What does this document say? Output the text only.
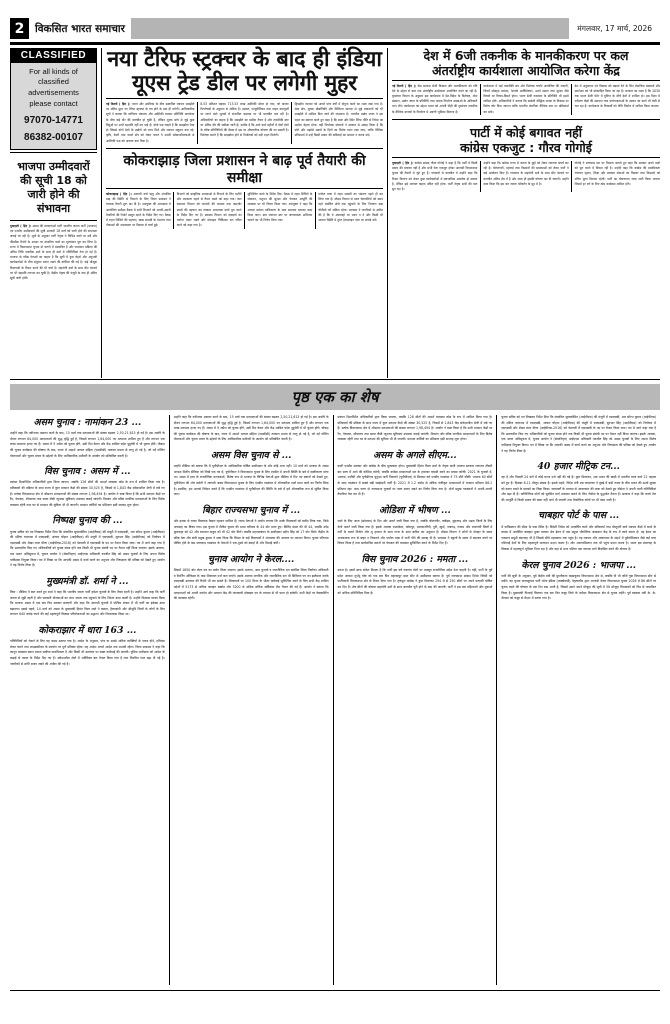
2	विकसित भारत समाचार	मंगलवार, 17 मार्च, 2026
CLASSIFIED
For all kinds of
classified
advertisements
please contact
97070-14771
86382-00107
भाजपा उम्मीदवारों की सूची 18 को जारी होने की संभावना
गुवाहाटी ( हिंद )। असम की मतदाताओं पार्टी भारतीय जनता पार्टी (भाजपा) एवं एनडीए उम्मीदवारों की सूची आगामी 18 मार्च को जारी होने की संभावना जताई जा रही है। सूत्रों के अनुसार पार्टी नेतृत्व ने विभिन्न स्तरों पर सर्वे और फीडबैक रिपोर्ट के आधार पर संभावित नामों का मूल्यांकन पूरा कर लिया है। राज्य में विधानसभा चुनाव दो चरणों में प्रस्तावित हैं और नामांकन प्रक्रिया की अंतिम तिथि नजदीक आने के साथ ही दलों में गतिविधियां तेज हो गई हैं। भाजपा के वरिष्ठ नेताओं का कहना है कि सूची में युवा चेहरों और अनुभवी कार्यकर्ताओं के बीच संतुलन बनाए रखने की कोशिश की गई है। कई मौजूदा विधायकों के टिकट कटने की भी चर्चा है। सहयोगी दलों के साथ सीट बंटवारे पर भी सहमति लगभग बन चुकी है। केंद्रीय नेतृत्व की मंजूरी के बाद ही अंतिम सूची जारी होगी।
नया टैरिफ स्ट्रक्चर के बाद ही इंडिया
यूएस ट्रेड डील पर लगेगी मुहर
नई दिल्ली ( हिंद )। भारत और अमेरिका के बीच प्रस्तावित व्यापार समझौते पर अंतिम मुहर नए टैरिफ स्ट्रक्चर के तय होने के बाद ही लगेगी। आधिकारिक सूत्रों ने बताया कि वाणिज्य मंत्रालय और अमेरिकी व्यापार प्रतिनिधि कार्यालय के बीच कई दौर की बातचीत हो चुकी है, लेकिन शुल्क ढांचे से जुड़े कुछ बिंदुओं पर अभी सहमति नहीं बन पाई है। दोनों पक्ष चाहते हैं कि समझौता ऐसा हो जिससे दोनों देशों के उद्योगों को लाभ मिले और व्यापार संतुलन बना रहे। कृषि, डेयरी तथा फार्मा क्षेत्र को लेकर भारत ने अपनी संवेदनशीलताओं से अमेरिकी पक्ष को अवगत करा दिया है।
8.53 प्रतिशत बढ़कर 713.53 लाख अमेरिकी डॉलर हो गया, जो बाजार विश्लेषकों के अनुमान से अधिक है। इस्पात, एल्युमीनियम तथा वाहन कलपुर्जों पर लगने वाले शुल्कों में संभावित बदलाव पर भी बातचीत चल रही है। अधिकारियों का कहना है कि समझौते का मसौदा तैयार है और तकनीकी स्तर पर अंतिम दौर की समीक्षा जारी है। उम्मीद है कि आने वाले महीनों में दोनों देशों के वरिष्ठ प्रतिनिधियों की बैठक में इस पर औपचारिक घोषणा की जा सकती है। विशेषज्ञ मानते हैं कि समझौता होने से निर्यातकों को बड़ी राहत मिलेगी।
द्विपक्षीय व्यापार को अगले पांच वर्षों में दोगुना करने का लक्ष्य रखा गया है। सेवा क्षेत्र, सूचना प्रौद्योगिकी और डिजिटल व्यापार से जुड़े प्रावधानों को भी समझौते में शामिल किए जाने की संभावना है। भारतीय उद्योग जगत ने इस पहल का स्वागत करते हुए कहा है कि स्पष्ट और स्थिर टैरिफ नीति से निवेश का माहौल बेहतर होगा। वहीं निर्यातक संगठनों ने सरकार से आग्रह किया है कि छोटे और मझोले उद्यमों के हितों का विशेष ध्यान रखा जाए, ताकि वैश्विक प्रतिस्पर्धा में उन्हें किसी प्रकार की कठिनाई का सामना न करना पड़े।
कोकराझाड़ जिला प्रशासन ने बाढ़ पूर्व तैयारी की समीक्षा
कोकराझाड़ ( हिंद )। आगामी वर्षा ऋतु और संभावित बाढ़ की स्थिति से निपटने के लिए जिला प्रशासन ने व्यापक तैयारी शुरू कर दी है। उपायुक्त की अध्यक्षता में आयोजित समीक्षा बैठक में सभी विभागों को अपनी-अपनी तैयारियों की रिपोर्ट प्रस्तुत करने के निर्देश दिए गए। बैठक में राहत शिविरों की पहचान, खाद्य सामग्री के भंडारण तथा नौकाओं की उपलब्धता पर विस्तार से चर्चा हुई।
विभागों को प्राकृतिक आपदाओं से निपटने के लिए मशीनें और उपकरण पहले से तैयार रखने को कहा गया। जल संसाधन विभाग को तटबंधों की मरम्मत तथा कमजोर स्थलों की पहचान कर तत्काल आवश्यक कार्य पूरा करने के निर्देश दिए गए हैं। स्वास्थ्य विभाग को दवाइयों का पर्याप्त भंडार रखने और मोबाइल चिकित्सा दल गठित करने को कहा गया है।
सुनिश्चित करने के निर्देश दिए। बैठक में राहत शिविरों के संचालन, पशुधन की सुरक्षा और पेयजल आपूर्ति की व्यवस्था पर भी विचार किया गया। उपायुक्त ने कहा कि आपदा प्रबंधन प्राधिकरण के साथ समन्वय बनाकर काम किया जाए। ग्राम पंचायत स्तर पर जागरूकता अभियान चलाने का भी निर्णय लिया गया।
पर्याप्त मात्रा में राहत सामग्री का भंडारण पहले ही कर लिया गया है। मौसम विभाग से प्राप्त चेतावनियों को समय रहते संबंधित क्षेत्रों तक पहुंचाने के लिए नियंत्रण कक्ष चौबीसों घंटे सक्रिय रहेगा। प्रशासन ने नागरिकों से अपील की है कि वे अफवाहों पर ध्यान न दें और किसी भी आपात स्थिति में तुरंत हेल्पलाइन नंबर पर संपर्क करें।
देश में 6जी तकनीक के मानकीकरण पर कल
अंतर्राष्ट्रीय कार्यशाला आयोजित करेगा केंद्र
नई दिल्ली ( हिंद )। केंद्र सरकार 6जी विकास और मानकीकरण को गति देने के उद्देश्य से कल एक अंतर्राष्ट्रीय कार्यशाला आयोजित करने जा रही है। दूरसंचार विभाग के अनुसार इस कार्यशाला में देश-विदेश के विशेषज्ञ, शोध संस्थान, उद्योग जगत के प्रतिनिधि तथा मानक निर्धारण संस्थाओं के अधिकारी भाग लेंगे। कार्यशाला का उद्देश्य भारत को अगली पीढ़ी की दूरसंचार तकनीक के वैश्विक मानकों के निर्धारण में अग्रणी भूमिका दिलाना है।
कार्यशाला में कई तकनीकी सत्र और विशेषज्ञ चर्चाएं आयोजित की जाएंगी, जिनमें स्पेक्ट्रम प्रबंधन, नेटवर्क आर्किटेक्चर, ऊर्जा दक्षता तथा सुरक्षा जैसे विषयों पर विचार-विमर्श होगा। भारत 6जी गठबंधन के प्रतिनिधि भी इसमें शामिल होंगे। अधिकारियों ने बताया कि स्वदेशी बौद्धिक संपदा के विकास पर विशेष जोर दिया जाएगा ताकि भारतीय कंपनियां वैश्विक स्तर पर प्रतिस्पर्धा कर सकें।
देश में अनुसंधान एवं विकास को बढ़ावा देने के लिए शैक्षणिक संस्थानों और स्टार्टअप को भी प्रोत्साहित किया जा रहा है। सरकार का लक्ष्य है कि 2030 तक भारत 6जी पेटेंट में दुनिया के शीर्ष देशों में शामिल हो। इस दिशा में परीक्षण केंद्रों की स्थापना तथा प्रयोगशालाओं के उन्नयन का कार्य भी तेजी से चल रहा है। कार्यशाला के निष्कर्षों को नीति निर्माण में शामिल किया जाएगा।
पार्टी में कोई बगावत नहीं
कांग्रेस एकजुट : गौरव गोगोई
गुवाहाटी ( हिंद )। कांग्रेस सांसद गौरव गोगोई ने कहा है कि पार्टी में किसी प्रकार की बगावत नहीं है और सभी नेता एकजुट होकर आगामी विधानसभा चुनाव की तैयारी में जुटे हुए हैं। पत्रकारों से बातचीत में उन्होंने कहा कि टिकट वितरण को लेकर कुछ कार्यकर्ताओं में स्वाभाविक असंतोष हो सकता है, लेकिन इसे बगावत कहना उचित नहीं होगा। पार्टी नेतृत्व सभी की बात सुन रहा है।
उन्होंने कहा कि कांग्रेस राज्य में जनता के मुद्दों को लेकर लगातार संघर्ष कर रही है। बेरोजगारी, महंगाई तथा किसानों की समस्याओं को लेकर पार्टी ने कई आंदोलन किए हैं। गठबंधन के सहयोगी दलों के साथ सीट बंटवारे पर बातचीत अंतिम दौर में है और जल्द ही इसकी घोषणा कर दी जाएगी। उन्होंने दावा किया कि इस बार जनता परिवर्तन के मूड में है।
गोगोई ने सत्तारूढ़ दल पर निशाना साधते हुए कहा कि सरकार अपने वादों को पूरा करने में विफल रही है। उन्होंने कहा कि कांग्रेस की प्राथमिकता रोजगार सृजन, शिक्षा और स्वास्थ्य सेवाओं का विस्तार तथा किसानों को उचित मूल्य दिलाना रहेगी। पार्टी का घोषणापत्र जल्द जारी किया जाएगा जिसमें हर वर्ग के लिए ठोस कार्यक्रम शामिल होंगे।
पृष्ठ एक का शेष
असम चुनाव : नामांकन 23 ...
उन्होंने कहा कि नवीनतम अद्यतन करने के बाद, 15 मार्च तक मतदाताओं की संख्या बढ़कर 2,50,21,613 हो गई है। इस अवधि के दौरान लगभग 64,000 मतदाताओं की शुद्ध वृद्धि हुई है, जिसमें लगभग 1,64,000 नए मतदाता शामिल हुए हैं और लगभग एक लाख मतदाता हटाए गए हैं। असम में 9 अप्रैल को चुनाव होंगे, उसी दिन केरल और केंद्र शासित प्रदेश पुडुचेरी में भी चुनाव होंगे। चौबदा की चुनाव कार्यक्रम की घोषणा के बाद, राज्य में आदर्श आचार संहिता (एमसीसी) तत्काल प्रभाव से लागू हो गई है, जो नई पोलिंग योजनाओं और चुनाव प्रचार के उद्देश्यों के लिए आधिकारिक मशीनरी के उपयोग को प्रतिबंधित करती है।
विस चुनाव : असम में ...
प्रबंधन दिशानिर्देश अधिकारियों द्वारा किया जाएगा, जबकि 126 सीटों की आदर्श व्यवस्था कोड के रूप में शामिल किया गया है। प्रतिस्पर्धा की प्रक्रिया के साथ राज्य में कुल मतदान केंद्रों की संख्या 30,525 है, जिसमें से 1,843 केंद्र संवेदनशील श्रेणी में रखे गए हैं। प्रत्येक विधानसभा क्षेत्र में औसतन मतदाताओं की संख्या लगभग 1,98,494 है। आयोग ने स्पष्ट किया है कि सभी मतदान केंद्रों पर रैंप, पेयजल, शौचालय तथा छाया जैसी न्यूनतम सुविधाएं उपलब्ध कराई जाएंगी। दिव्यांग और वरिष्ठ नागरिक मतदाताओं के लिए विशेष व्यवस्था रहेगी तथा घर से मतदान की सुविधा भी दी जाएगी। मतदान कर्मियों का प्रशिक्षण इसी सप्ताह शुरू होगा।
निष्पक्ष चुनाव की ...
चुनाव सचिव को पत्र लिखकर निर्देश दिया कि संचालित सुव्यवस्थित (आईपीएस) की मंजूरी में एसएसबी, आर सौरभ कुमार (आईपीएस) की दक्षिण चालनदा में एसएसबी, आंचल चौहान (आईपीएस) की मंजूरी में एसएसबी, सुरभार सिंह (आईपीएस) को निर्वाचन में एसएसबी और शेखर लाल मीणा (आईपीएस-2016) को पेशावरी में एसएसबी के पद पर तैनात किया जाए। पत्र में आगे कहा गया है कि भ्रमणशील किए गए अधिकारियों को चुनाव संपन्न होने तक किसी भी चुनाव संबंधी पद पर तैनात नहीं किया जाएगा। इसके अलावा, एक अलग अधिसूचना में, चुनाव आयोग ने (सेवानिवृत्त) आईएएस अधिकारी नवजीत सिंह को असम चुनावों के लिए अपना विशेष पर्यवेक्षक नियुक्त किया। पत्र में लिखा था कि आपकी असम में कार्य करने का अनुभव और निष्पक्षता की प्रतिष्ठा को देखते हुए आयोग ने यह निर्णय लिया है।
मुख्यमंत्री डॉ. शर्मा ने ...
विधा : मीडिया ने बात करते हुए शर्मा ने कहा कि भारतीय जनता पार्टी हमेशा चुनावों के लिए तैयार रहती है। उन्होंने आगे कहा कि पार्टी जनता से जुड़ी रहती है और सरकारी योजनाओं का लाभ जनता तक पहुंचाने के लिए निरंतर काम करती है। उन्होंने विश्वास व्यक्त किया कि भाजपा असम में एक बार फिर सरकार बनाएगी और कहा कि आगामी चुनावों में पश्चिम बंगाल में भी पार्टी का इंडेक्स ऊंचा बढ़ाएगा। इससे पहले, 14 मार्च को असम के मुख्यमंत्री हिमंत विश्व शर्मा ने कछार, हैलाकांदी और श्रीभूमि जिलों के लोगों के लिए लगभग 640 करोड़ रुपये की कई महत्वपूर्ण विकास परियोजनाओं का उद्घाटन और शिलान्यास किया था।
कोकराझार में धारा 163 ...
गतिविधियों को रोकने के लिए यह कदम उठाया गया है। आदेश के अनुसार, पांच या उससे अधिक व्यक्तियों के एकत्र होने, हथियार लेकर चलने तथा लाउडस्पीकर के उपयोग पर पूर्ण प्रतिबंध रहेगा। यह आदेश अगले आदेश तक प्रभावी रहेगा। जिला प्रशासन ने कहा कि कानून व्यवस्था बनाए रखना सर्वोच्च प्राथमिकता है और किसी भी उल्लंघन पर सख्त कार्रवाई की जाएगी। पुलिस अधीक्षक को आदेश के कड़ाई से पालन के निर्देश दिए गए हैं। संवेदनशील क्षेत्रों में अतिरिक्त बल तैनात किया गया है तथा नियमित गश्त बढ़ा दी गई है। नागरिकों से शांति बनाए रखने की अपील की गई है।
उन्होंने कहा कि नवीनतम अद्यतन करने के बाद, 15 मार्च तक मतदाताओं की संख्या बढ़कर 2,50,21,613 हो गई है। इस अवधि के दौरान लगभग 64,000 मतदाताओं की शुद्ध वृद्धि हुई है, जिसमें लगभग 1,64,000 नए मतदाता शामिल हुए हैं और लगभग एक लाख मतदाता हटाए गए हैं। असम में 9 अप्रैल को चुनाव होंगे, उसी दिन केरल और केंद्र शासित प्रदेश पुडुचेरी में भी चुनाव होंगे। चौबदा की चुनाव कार्यक्रम की घोषणा के बाद, राज्य में आदर्श आचार संहिता (एमसीसी) तत्काल प्रभाव से लागू हो गई है, जो नई पोलिंग योजनाओं और चुनाव प्रचार के उद्देश्यों के लिए आधिकारिक मशीनरी के उपयोग को प्रतिबंधित करती है।
असम विस चुनाव से ...
उन्होंने मीडिया को बताया कि मैं यूपीपीएल के आधिकारिक घोषित उम्मीदवार के और कोई अन्य नहीं। 10 मार्च को भाजपा के असम अध्यक्ष दिलीप सैकिया को लिखे एक पत्र में, यूपीपीएल ने विधानसभा चुनाव के लिए एनडीए में अपनी स्थिति के बारे में स्पष्टीकरण मांगा था। असम में हाल के राजनीतिक घटनाक्रमों, विशेष रूप से भाजपा के विभिन्न नेताओं द्वारा मीडिया में दिए गए बयानों को देखते हुए, यूपीपीएल की ओर कमेटी ने आगामी असम विधानसभा चुनाव के लिए एनडीए गठबंधन में औपचारिक दर्जा प्राप्त करने का निर्णय लिया है। इसलिए, हम आपसे निवेदन करते हैं कि एनडीए गठबंधन में यूपीपीएल की स्थिति के बारे में हमें औपचारिक रूप से सूचित किया जाए।
बिहार राज्यसभा चुनाव में ...
और इनका से राजद विधायक फैसल रहमान शामिल हैं। राजद नेताओं ने आरोप लगाया कि उनके विधायकों को खरीद लिया गया, जिसे अफवाह का विषय गया। इस चुनाव में नीतीश कुमार की प्रथम वरीयता के 44 वोट प्राप्त हुए। मिलिंद मंडल की भी 44, जबकि उपेंद्र कुशवाहा को 42 और रामनाथ ठाकुर को भी 42 वोट मिले। जबकि महागठबंधन के उम्मीदवार प्रदीप सिंह को 17 वोट मिले। केंद्रीय के वरिष्ठ नेता और संघी प्रमुख कुमार ने दावा किया कि विपक्ष के कई विधायकों ने अंतरात्मा की आवाज पर मतदान किया। चुनाव परिणाम घोषित होने के बाद सत्तारूढ़ गठबंधन के नेताओं ने एक-दूसरे को बधाई दी और मिठाई बांटी।
चुनाव आयोग ने केरल....
जिसमें 1650 बोट वोटर मंत्र का प्रयोग किया जाएगा। इसके अलावा, आम चुनावों व राजनीतिक दल संबंधित जिला निर्वाचन अधिकारी व रिटर्निंग ऑफिसर के पास शिकायत दर्ज करा पाएंगे। इसके अलावा नागरिक और राजनीतिक दल भी डिजिटल एप का इस्तेमाल करके एसएसबी उल्लंघन की रिपोर्ट भी कर सकते हैं। शिकायतों पर 100 मिनट के भीतर कार्रवाई सुनिश्चित करने के लिए सभी केंद्र शासित प्रदेशों में 5173 से अधिक फ्लाइंग स्क्वॉड और 5200 से अधिक स्टेटिक सर्विलांस टीम तैनात की गई हैं। आयोग ने बताया कि मतदाताओं को अपनी मतदेय और मतदान केंद्र की जानकारी मोबाइल एप के माध्यम से भी प्राप्त हो सकेगी। सभी केंद्रों पर वेबकास्टिंग की व्यवस्था रहेगी।
प्रबंधन दिशानिर्देश अधिकारियों द्वारा किया जाएगा, जबकि 126 सीटों की आदर्श व्यवस्था कोड के रूप में शामिल किया गया है। प्रतिस्पर्धा की प्रक्रिया के साथ राज्य में कुल मतदान केंद्रों की संख्या 30,525 है, जिसमें से 1,843 केंद्र संवेदनशील श्रेणी में रखे गए हैं। प्रत्येक विधानसभा क्षेत्र में औसतन मतदाताओं की संख्या लगभग 1,98,494 है। आयोग ने स्पष्ट किया है कि सभी मतदान केंद्रों पर रैंप, पेयजल, शौचालय तथा छाया जैसी न्यूनतम सुविधाएं उपलब्ध कराई जाएंगी। दिव्यांग और वरिष्ठ नागरिक मतदाताओं के लिए विशेष व्यवस्था रहेगी तथा घर से मतदान की सुविधा भी दी जाएगी। मतदान कर्मियों का प्रशिक्षण इसी सप्ताह शुरू होगा।
असम के अगले सीएम...
वाली एनडीए सरकार और कांग्रेस के बीच मुकाबला होगा। मुख्यमंत्री हिमंत विश्व शर्मा के नेतृत्व वाली भाजपा सरकार लगातार तीसरी बार सत्ता में आने की कोशिश करेगी, जबकि कांग्रेस मतदाताओं दल के हाराकर वापसी करने का प्रयास करेगी। 2021 के चुनावों में, भाजपा, एजीपी और यूपीडीएफ यूनूनम पार्टी निकलने (यूपीपीएल) से मिलकर बने एनडीए गठबंधन ने 75 सीटें जीतीं। भाजपा 60 सीटों के साथ गठबंधन में सबसे बड़ी साझेदारी पार्टी है। 2021 में 1.2 करोड़ से अधिक पंजीकृत मतदाताओं में मतदान प्रतिशत 86.2 प्रतिशत रहा। आठ चरण दो राज्यसभा चुनावों पर नजर बनाए रखने का निर्णय लिया गया है। दोनों प्रमुख गठबंधनों ने अपनी-अपनी तैयारियां तेज कर दी हैं।
ओडिशा में भीषण ...
जाते के लिए आज (सोमवार) के दिन और अलर्ट जारी किया गया है, जबकि बोलनगीर, क्योंझर, सुंदरगढ़ और भद्रक जिलों के लिए येलो अलर्ट जारी किया गया है। इसके अलावा राउरकेला, कोरापुट, मलकानगिरी, पुरी, खुर्दा, नयागढ़, गंजाम और राजगांवी जिलों में गर्मी के चलते निर्जल और लू हालात के साथ गरज के साथ बारिश का अनुमान है। मौसम विभाग ने लोगों से दोपहर के समय अनावश्यक रूप से बाहर न निकलने और पर्याप्त मात्रा में पानी पीने की सलाह दी है। प्रशासन ने स्कूलों के समय में बदलाव करने पर विचार किया है तथा सार्वजनिक स्थानों पर पेयजल की व्यवस्था सुनिश्चित करने के निर्देश दिए हैं।
विस चुनाव 2026 : ममता ...
करना है। इसमें साफ संकेत मिलता है कि पार्टी इस वर्ष पंचायत वोटों पर मजबूत राजनीतिक संदेश देना चाहती है। वहीं, पार्टी के पूर्व प्रदेश अध्यक्ष शुभेंदु घोष को एक बार फिर बहरामपुर सदर सीट से उम्मीदवार बनाया है। पूर्व राज्यसभा सांसद दिनेश त्रिवेदी को पार्टीव्यापी विधानसभा क्षेत्र से टिकट दिया गया है। तृणमूल कांग्रेस ने कुल मिलाकर 294 में से 230 सीटों पर अपने प्रत्याशी घोषित कर दिए हैं। शेष सीटों की घोषणा सहयोगी दलों के साथ बातचीत पूरी होने के बाद की जाएगी। पार्टी ने इस बार महिलाओं और युवाओं को अधिक प्रतिनिधित्व दिया है।
चुनाव सचिव को पत्र लिखकर निर्देश दिया कि संचालित सुव्यवस्थित (आईपीएस) की मंजूरी में एसएसबी, आर सौरभ कुमार (आईपीएस) की दक्षिण चालनदा में एसएसबी, आंचल चौहान (आईपीएस) की मंजूरी में एसएसबी, सुरभार सिंह (आईपीएस) को निर्वाचन में एसएसबी और शेखर लाल मीणा (आईपीएस-2016) को पेशावरी में एसएसबी के पद पर तैनात किया जाए। पत्र में आगे कहा गया है कि भ्रमणशील किए गए अधिकारियों को चुनाव संपन्न होने तक किसी भी चुनाव संबंधी पद पर तैनात नहीं किया जाएगा। इसके अलावा, एक अलग अधिसूचना में, चुनाव आयोग ने (सेवानिवृत्त) आईएएस अधिकारी नवजीत सिंह को असम चुनावों के लिए अपना विशेष पर्यवेक्षक नियुक्त किया। पत्र में लिखा था कि आपकी असम में कार्य करने का अनुभव और निष्पक्षता की प्रतिष्ठा को देखते हुए आयोग ने यह निर्णय लिया है।
40 हजार मीट्रिक टन...
रहा है और पिछली 24 घंटों में कोई घटना दर्ज नहीं की गई है। कुल मिलाकर, अब भारत की खाड़ी में भारतीय ध्वज वाले 22 जहाज बने हुए हैं। दिसंबर 6.11 मौजूद संख्या है। इससे पहले, विदेश मंत्री एस जयशंकर ने मुंबई में बढ़ी तनाव के बीच भारत की ऊर्जा सुरक्षा को बनाए रखने के प्रयासों का जिक्र किया। जलमार्गों के माध्यम से आवागमन की मात्रा को देखते हुए नौसेना ने अपनी गश्ती गतिविधियां और बढ़ा दी हैं। वाणिज्यिक पोतों को सुरक्षित मार्ग उपलब्ध कराने के लिए नौसेना के युद्धपोत तैनात हैं। सरकार ने कहा कि कच्चे तेल की आपूर्ति में किसी प्रकार की बाधा नहीं आने दी जाएगी तथा वैकल्पिक स्रोतों पर भी काम जारी है।
चाबहार पोर्ट के पास ...
में पाकिस्तान की सीमा के पास स्थित है। विदेशी निवेश को आकर्षित करने और प्रतिस्पर्धा तथा मौजूदगी वाले व्यापार केंद्रों में बनने के प्रयास में अवस्थित चाबहार मुक्त व्यापार क्षेत्र ईरान में एक प्रमुख भौगोलिक अवस्थान केंद्र के रूप में कार्य करता है। यह ईरान का एकमात्र समुद्री बंदरगाह भी है जिससे सीधे महासागर तक पहुंच है। यह व्यापार और आवागमन के संदर्भ में तुर्कमेनिस्तान जैसे कई मध्य एशियाई देशों के लिए महत्वपूर्ण पारगमन प्रदान करता है। और अफगानिस्तान तक भी पहुंच प्रदान करता है। भारत इस बंदरगाह के विकास में महत्वपूर्ण भूमिका निभा रहा है और यहां से मध्य एशिया तक व्यापार मार्ग विकसित करने की योजना है।
केरल चुनाव 2026 : भाजपा ...
पार्टी की सूची के अनुसार, पूर्व केंद्रीय मंत्री की मुरलीधरन कझाकूटम विधानसभा क्षेत्र से, जबकि पी भी जॉर्ज गुंडा विधानसभा सीट से लड़ेंगे। यह चुनाव कन्याकुमार पार्टी ऑफ इंडिया (मार्क्सवादी) नेतृत्वाधीन द्वारा आगामी केरल विधानसभा चुनाव 2026 में 86 सीटों पर चुनाव लड़ने की घोषणा के एक दिन बाद आती है, जिसमें उसने अपने मौजूदा की सूची में 56 मौजूदा विधायकों को फिर से नामांकित किया है। मुख्यमंत्री पिनराई विजयन एक बार फिर कन्नूर जिले के धर्मदम विधानसभा क्षेत्र से चुनाव लड़ेंगे। पूर्व स्वास्थ्य मंत्री के. के. शैलजा को कन्नूर से मैदान में उतारा गया है।
